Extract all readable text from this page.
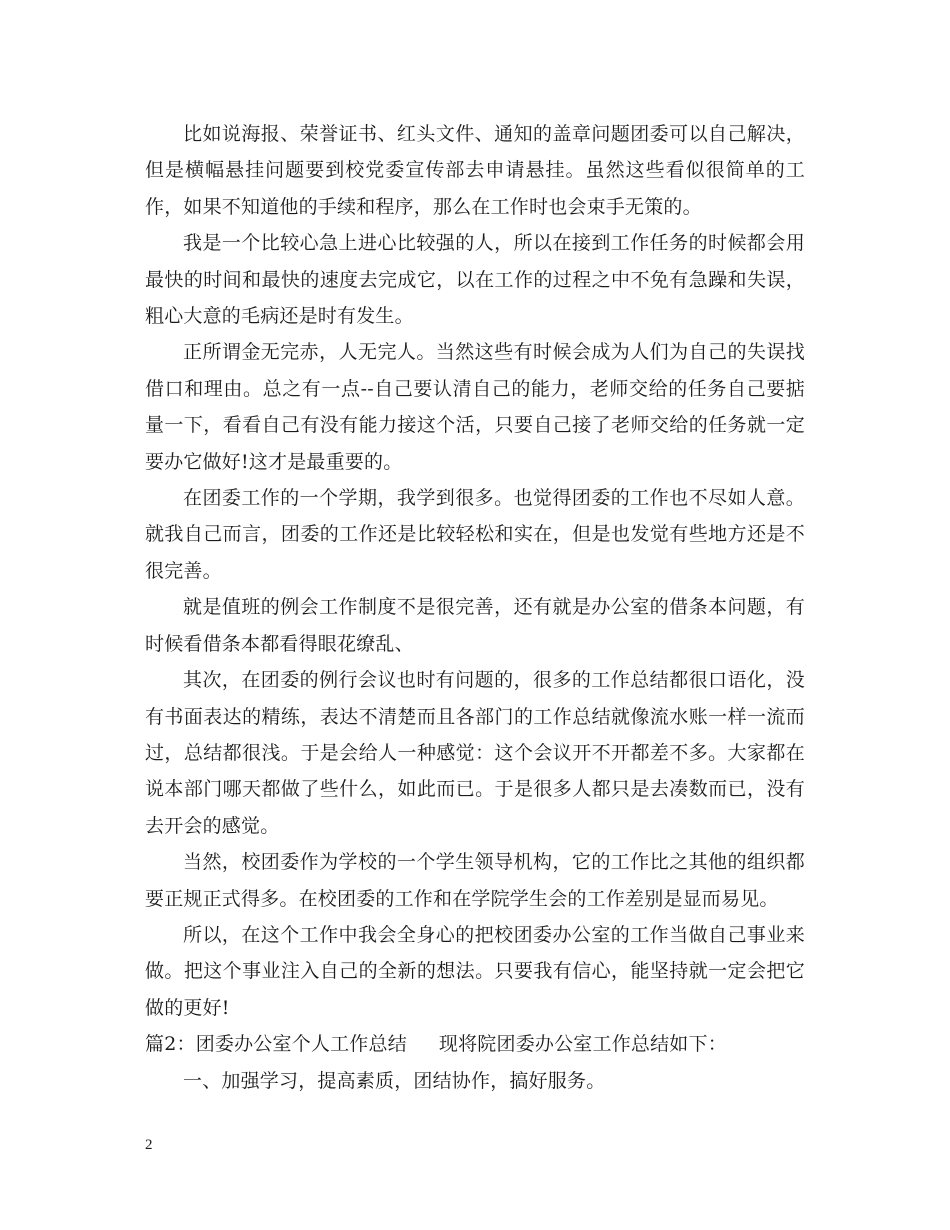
比如说海报、荣誉证书、红头文件、通知的盖章问题团委可以自己解决，但是横幅悬挂问题要到校党委宣传部去申请悬挂。虽然这些看似很简单的工作，如果不知道他的手续和程序，那么在工作时也会束手无策的。

我是一个比较心急上进心比较强的人，所以在接到工作任务的时候都会用最快的时间和最快的速度去完成它，以在工作的过程之中不免有急躁和失误，粗心大意的毛病还是时有发生。

正所谓金无完赤，人无完人。当然这些有时候会成为人们为自己的失误找借口和理由。总之有一点--自己要认清自己的能力，老师交给的任务自己要掂量一下，看看自己有没有能力接这个活，只要自己接了老师交给的任务就一定要办它做好!这才是最重要的。

在团委工作的一个学期，我学到很多。也觉得团委的工作也不尽如人意。就我自己而言，团委的工作还是比较轻松和实在，但是也发觉有些地方还是不很完善。

就是值班的例会工作制度不是很完善，还有就是办公室的借条本问题，有时候看借条本都看得眼花缭乱、

其次，在团委的例行会议也时有问题的，很多的工作总结都很口语化，没有书面表达的精练，表达不清楚而且各部门的工作总结就像流水账一样一流而过，总结都很浅。于是会给人一种感觉：这个会议开不开都差不多。大家都在说本部门哪天都做了些什么，如此而已。于是很多人都只是去凑数而已，没有去开会的感觉。

当然，校团委作为学校的一个学生领导机构，它的工作比之其他的组织都要正规正式得多。在校团委的工作和在学院学生会的工作差别是显而易见。

所以，在这个工作中我会全身心的把校团委办公室的工作当做自己事业来做。把这个事业注入自己的全新的想法。只要我有信心，能坚持就一定会把它做的更好!

篇2：团委办公室个人工作总结 现将院团委办公室工作总结如下：

一、加强学习，提高素质，团结协作，搞好服务。

2
